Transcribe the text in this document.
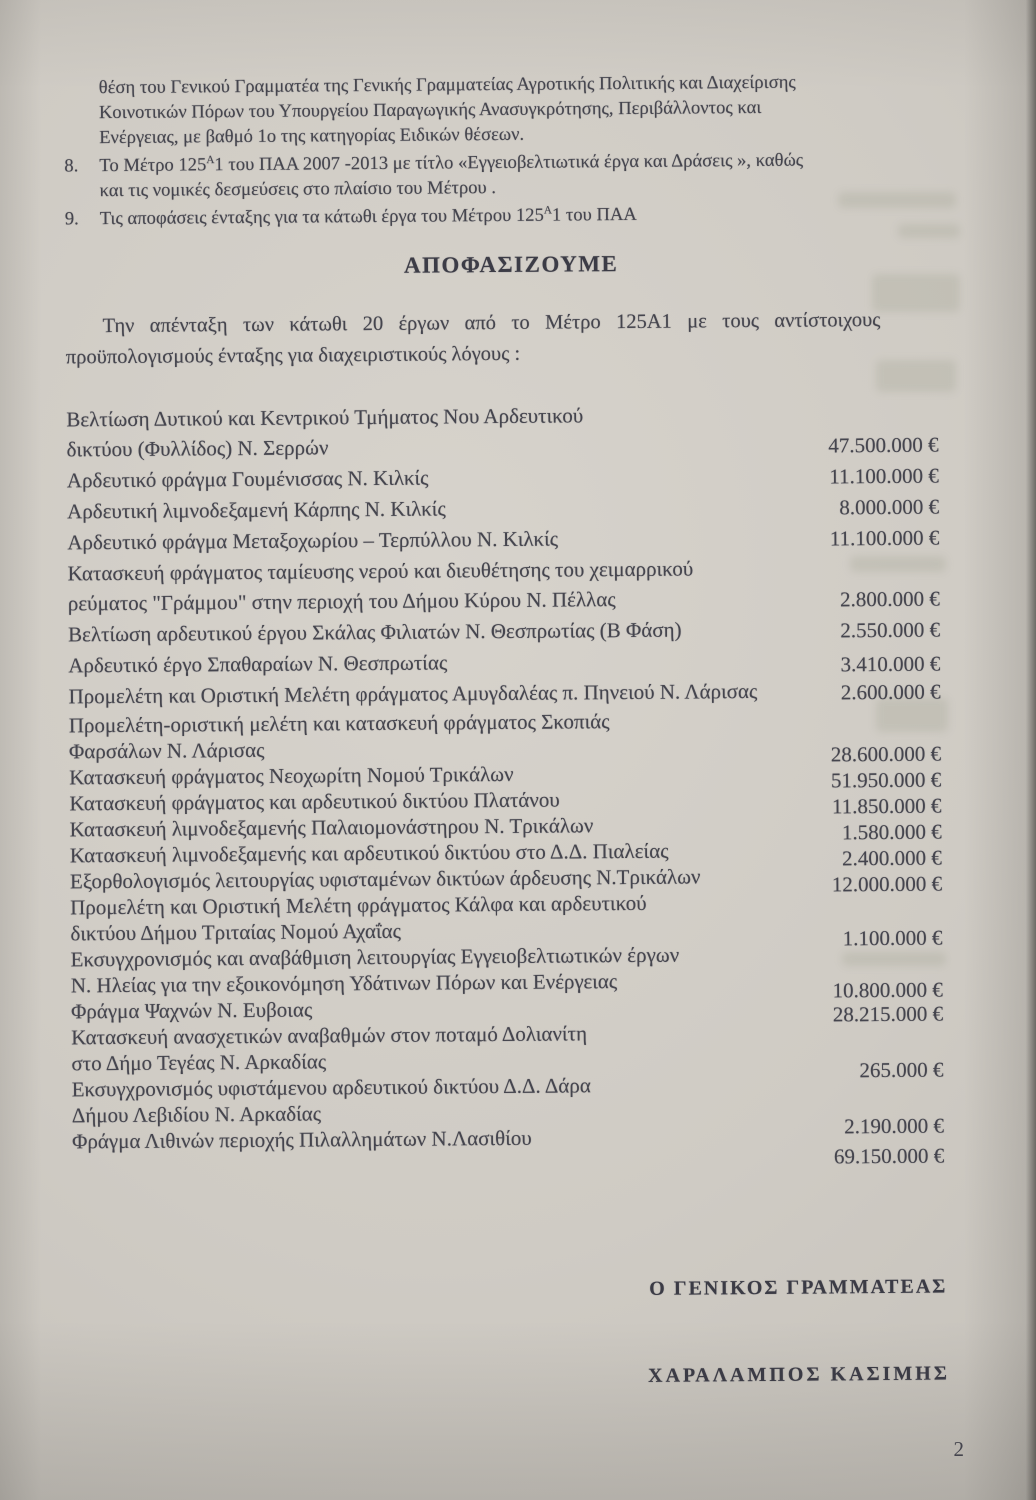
θέση του Γενικού Γραμματέα της Γενικής Γραμματείας Αγροτικής Πολιτικής και Διαχείρισης
Κοινοτικών Πόρων του Υπουργείου Παραγωγικής Ανασυγκρότησης, Περιβάλλοντος και
Ενέργειας, με βαθμό 1ο της κατηγορίας Ειδικών θέσεων.
8.	Το Μέτρο $125^A1$ του ΠΑΑ 2007 -2013 με τίτλο «Εγγειοβελτιωτικά έργα και Δράσεις », καθώς
και τις νομικές δεσμεύσεις στο πλαίσιο του Μέτρου .
9.	Τις αποφάσεις ένταξης για τα κάτωθι έργα του Μέτρου $125^A1$ του ΠΑΑ
ΑΠΟΦΑΣΙΖΟΥΜΕ
Την απένταξη των κάτωθι 20 έργων από το Μέτρο 125Α1 με τους αντίστοιχους
προϋπολογισμούς ένταξης για διαχειριστικούς λόγους :
Βελτίωση Δυτικού και Κεντρικού Τμήματος Νου Αρδευτικού
δικτύου (Φυλλίδος) Ν. Σερρών	47.500.000 €
Αρδευτικό φράγμα Γουμένισσας Ν. Κιλκίς	11.100.000 €
Αρδευτική λιμνοδεξαμενή Κάρπης Ν. Κιλκίς	8.000.000 €
Αρδευτικό φράγμα Μεταξοχωρίου – Τερπύλλου Ν. Κιλκίς	11.100.000 €
Κατασκευή φράγματος ταμίευσης νερού και διευθέτησης του χειμαρρικού
ρεύματος "Γράμμου" στην περιοχή του Δήμου Κύρου Ν. Πέλλας	2.800.000 €
Βελτίωση αρδευτικού έργου Σκάλας Φιλιατών Ν. Θεσπρωτίας (Β Φάση)	2.550.000 €
Αρδευτικό έργο Σπαθαραίων Ν. Θεσπρωτίας	3.410.000 €
Προμελέτη και Οριστική Μελέτη φράγματος Αμυγδαλέας π. Πηνειού Ν. Λάρισας	2.600.000 €
Προμελέτη-οριστική μελέτη και κατασκευή φράγματος Σκοπιάς
Φαρσάλων Ν. Λάρισας	28.600.000 €
Κατασκευή φράγματος Νεοχωρίτη Νομού Τρικάλων	51.950.000 €
Κατασκευή φράγματος και αρδευτικού δικτύου Πλατάνου	11.850.000 €
Κατασκευή λιμνοδεξαμενής Παλαιομονάστηρου Ν. Τρικάλων	1.580.000 €
Κατασκευή λιμνοδεξαμενής και αρδευτικού δικτύου στο Δ.Δ. Πιαλείας	2.400.000 €
Εξορθολογισμός λειτουργίας υφισταμένων δικτύων άρδευσης Ν.Τρικάλων	12.000.000 €
Προμελέτη και Οριστική Μελέτη φράγματος Κάλφα και αρδευτικού
δικτύου Δήμου Τριταίας Νομού Αχαΐας	1.100.000 €
Εκσυγχρονισμός και αναβάθμιση λειτουργίας Εγγειοβελτιωτικών έργων
Ν. Ηλείας για την εξοικονόμηση Υδάτινων Πόρων και Ενέργειας	10.800.000 €
Φράγμα Ψαχνών Ν. Ευβοιας	28.215.000 €
Κατασκευή ανασχετικών αναβαθμών στον ποταμό Δολιανίτη
στο Δήμο Τεγέας Ν. Αρκαδίας	265.000 €
Εκσυγχρονισμός υφιστάμενου αρδευτικού δικτύου Δ.Δ. Δάρα
Δήμου Λεβιδίου Ν. Αρκαδίας	2.190.000 €
Φράγμα Λιθινών περιοχής Πιλαλλημάτων Ν.Λασιθίου
69.150.000 €
Ο ΓΕΝΙΚΟΣ ΓΡΑΜΜΑΤΕΑΣ
ΧΑΡΑΛΑΜΠΟΣ ΚΑΣΙΜΗΣ
2
